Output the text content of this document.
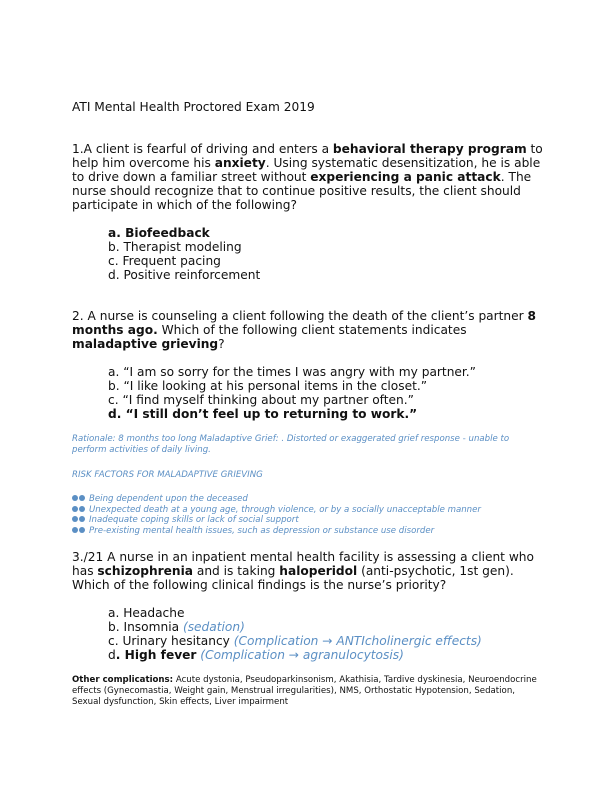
ATI Mental Health Proctored Exam 2019
1.A client is fearful of driving and enters a behavioral therapy program to help him overcome his anxiety. Using systematic desensitization, he is able to drive down a familiar street without experiencing a panic attack. The nurse should recognize that to continue positive results, the client should participate in which of the following?
a. Biofeedback
b. Therapist modeling
c. Frequent pacing
d. Positive reinforcement
2. A nurse is counseling a client following the death of the client’s partner 8 months ago. Which of the following client statements indicates maladaptive grieving?
a. “I am so sorry for the times I was angry with my partner.”
b. “I like looking at his personal items in the closet.”
c. “I find myself thinking about my partner often.”
d. “I still don’t feel up to returning to work.”
Rationale: 8 months too long Maladaptive Grief: . Distorted or exaggerated grief response - unable to perform activities of daily living.
RISK FACTORS FOR MALADAPTIVE GRIEVING
Being dependent upon the deceased
Unexpected death at a young age, through violence, or by a socially unacceptable manner
Inadequate coping skills or lack of social support
Pre-existing mental health issues, such as depression or substance use disorder
3./21 A nurse in an inpatient mental health facility is assessing a client who has schizophrenia and is taking haloperidol (anti-psychotic, 1st gen). Which of the following clinical findings is the nurse’s priority?
a. Headache
b. Insomnia (sedation)
c. Urinary hesitancy (Complication → ANTIcholinergic effects)
d. High fever (Complication → agranulocytosis)
Other complications: Acute dystonia, Pseudoparkinsonism, Akathisia, Tardive dyskinesia, Neuroendocrine effects (Gynecomastia, Weight gain, Menstrual irregularities), NMS, Orthostatic Hypotension, Sedation, Sexual dysfunction, Skin effects, Liver impairment
